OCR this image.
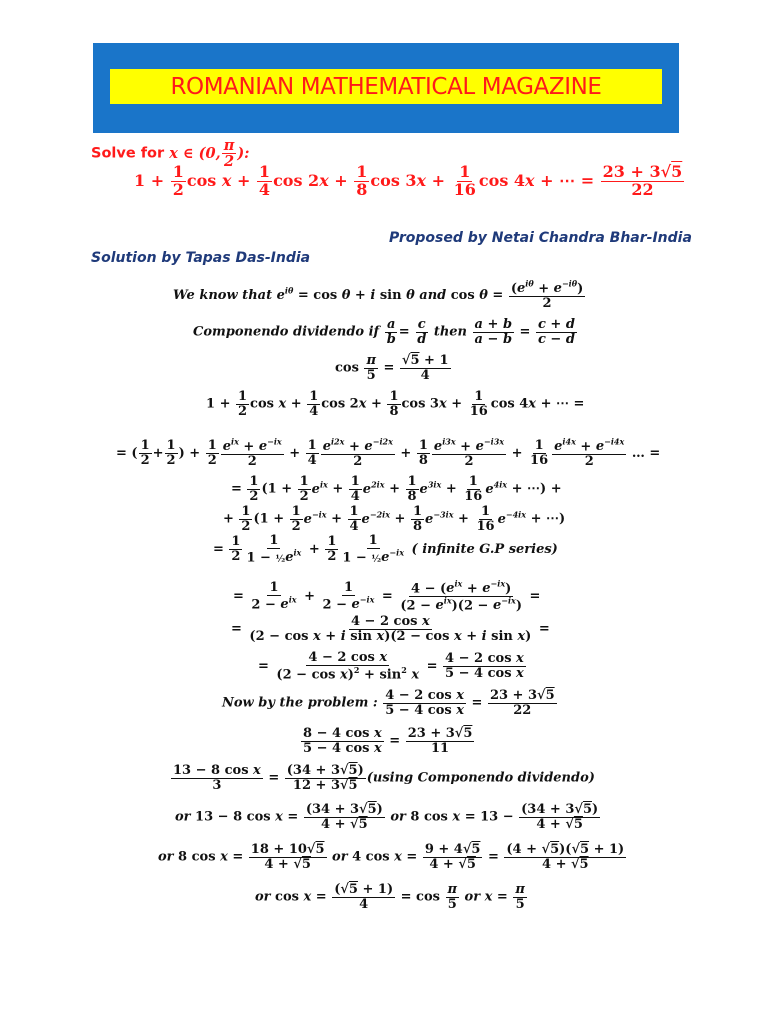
ROMANIAN MATHEMATICAL MAGAZINE
Solve for x ∈ (0, $\frac{\pi}{2}$ ):
$1 + \frac{1}{2}$ $\cos x + \frac{1}{4}$ $\cos 2x + \frac{1}{8}$ $\cos 3x + \frac{1}{16}$ cos 4x + ⋯ = $\frac{23 + 3√5}{22}$
Proposed by Netai Chandra Bhar-India
Solution by Tapas Das-India
We know that $e^{i\theta} = \cos \theta + i$ sin θ and $\cos \theta = \frac{(e^{i\theta} + e^{-i\theta})}{2}$
Componendo dividendo if $\frac{a}{b} = \frac{c}{d}$ then $\frac{a + b}{a - b} = \frac{c + d}{c - d}$
$\cos \frac{\pi}{5} = \frac{√5 + 1}{4}$
$1 + \frac{1}{2}$ $\cos x + \frac{1}{4}$ $\cos 2x + \frac{1}{8}$ $\cos 3x + \frac{1}{16}$ cos 4x + ⋯ =
= ( $\frac{1}{2} + \frac{1}{2}$ ) + $\frac{1}{2} \frac{e^{ix} + e^{-ix}}{2} + \frac{1}{4} \frac{e^{i2x} + e^{-i2x}}{2} + \frac{1}{8} \frac{e^{i3x} + e^{-i3x}}{2} + \frac{1}{16} \frac{e^{i4x} + e^{-i4x}}{2}$ … =
= $\frac{1}{2} (1 + \frac{1}{2} e^{ix} + \frac{1}{4} e^{2ix} + \frac{1}{8} e^{3ix} + \frac{1}{16} e^{4ix}$ + ⋯) +
+ $\frac{1}{2} (1 + \frac{1}{2} e^{-ix} + \frac{1}{4} e^{-2ix} + \frac{1}{8} e^{-3ix} + \frac{1}{16} e^{-4ix}$ + ⋯)
= $\frac{1}{2} \frac{1}{1 - \frac{1}{2}e^{ix}} + \frac{1}{2} \frac{1}{1 - \frac{1}{2}e^{-ix}}$ ( infinite G.P series)
= $\frac{1}{2 - e^{ix}} + \frac{1}{2 - e^{-ix}} = \frac{4 - (e^{ix} + e^{-ix})}{(2 - e^{ix})(2 - e^{-ix})}$ =
= $\frac{\text{4 − 2 cos x}}{\text{(2 − cos x + i sin x)(2 − cos x + i sin x)}}$ =
= $\frac{\text{4 − 2 cos x}}{(2 - \cos x)^2 + \sin^2 x} = \frac{\text{4 − 2 cos x}}{\text{5 − 4 cos x}}$
Now by the problem : $\frac{\text{4 − 2 cos x}}{\text{5 − 4 cos x}} = \frac{23 + 3√5}{22}$
$\frac{\text{8 − 4 cos x}}{\text{5 − 4 cos x}} = \frac{23 + 3√5}{11}$
$\frac{\text{13 − 8 cos x}}{3} = \frac{(34 + 3√5)}{12 + 3√5} (using$ Componendo dividendo)
or 13 − 8 $\cos x = \frac{(34 + 3√5)}{4 + √5}$ or 8 $\cos x = 13 - \frac{(34 + 3√5)}{4 + √5}$
or 8 $\cos x = \frac{18 + 10√5}{4 + √5}$ or 4 $\cos x = \frac{9 + 4√5}{4 + √5} = \frac{(4 + √5)(√5 + 1)}{4 + √5}$
or $\cos x = \frac{(√5 + 1)}{4} = \cos \frac{\pi}{5}$ or $x = \frac{\pi}{5}$
